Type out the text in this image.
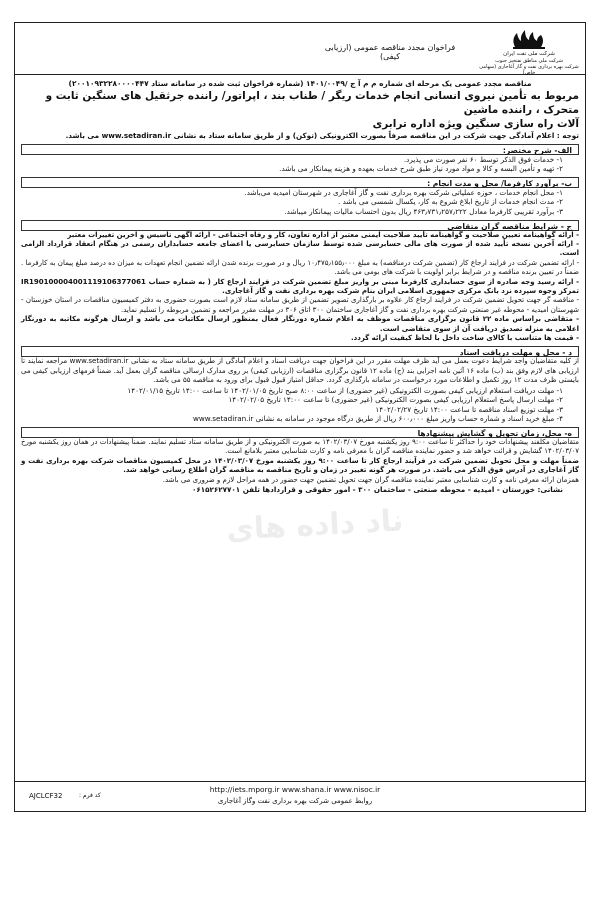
شرکت ملی نفت ایران
شرکت ملی مناطق نفتخیز جنوب
شرکت بهره برداری نفت و گاز آغاجاری (سهامی خاص)
فراخوان مجدد مناقصه عمومی (ارزیابی کیفی)
مناقصه مجدد عمومی یک مرحله ای شماره م م آ ج /۱۴۰۱/۰۰۴۹ (شماره فراخوان ثبت شده در سامانه ستاد ۲۰۰۱۰۹۳۲۲۸۰۰۰۰۴۴۷)
مربوط به تأمین نیروی انسانی انجام خدمات ریگر / طناب بند ، اپراتور/ راننده جرثقیل های سنگین ثابت و متحرک ، راننده ماشین
آلات راه سازی سنگین ویژه اداره ترابری
توجه : اعلام آمادگی جهت شرکت در این مناقصه صرفاً بصورت الکترونیکی (توکن) و از طریق سامانه ستاد به نشانی www.setadiran.ir می باشد.
الف- شرح مختصر:
۱- خدمات فوق الذکر توسط ۶۰ نفر صورت می پذیرد.
۲- تهیه و تأمین البسه و کالا و مواد مورد نیاز طبق شرح خدمات بعهده و هزینه پیمانکار می باشد.
ب- برآورد کارفرما/ محل و مدت انجام :
۱- محل انجام خدمات ، حوزه عملیاتی شرکت بهره برداری نفت و گاز آغاجاری در شهرستان امیدیه می‌باشد.
۲- مدت انجام خدمات از تاریخ ابلاغ شروع به کار، یکسال شمسی می باشد .
۳- برآورد تقریبی کارفرما معادل ۴۶۳٫۷۳۱٫۲۵۷٫۲۲۲ ریال بدون احتساب مالیات پیمانکار میباشد.
ج - شرایط مناقصه گران متقاضی
- ارائه گواهینامه تعیین صلاحیت و گواهینامه تأیید صلاحیت ایمنی معتبر از اداره تعاون، کار و رفاه اجتماعی - ارائه آگهی تاسیس و آخرین تغییرات معتبر
- ارائه آخرین نسخه تأیید شده از صورت های مالی حسابرسی شده توسط سازمان حسابرسی یا اعضای جامعه حسابداران رسمی در هنگام انعقاد قرارداد الزامی است.
- ارائه تضمین شرکت در فرایند ارجاع کار (تضمین شرکت درمناقصه) به مبلغ ۱۰٫۴۷۵٫۱۵۵٫۰۰۰ ریال و در صورت برنده شدن ارائه تضمین انجام تعهدات به میزان ده درصد مبلغ پیمان به کارفرما . ضمناً در تعیین برنده مناقصه و در شرایط برابر اولویت با شرکت های بومی می باشد.
- ارائه رسید وجه صادره از سوی حسابداری کارفرما مبنی بر واریز مبلغ تضمین شرکت در فرایند ارجاع کار ( به شماره حساب IR190100004001119106377061 تمرکز وجوه سپرده نزد بانک مرکزی جمهوری اسلامی ایران بنام شرکت بهره برداری نفت و گاز آغاجاری.
- مناقصه گر جهت تحویل تضمین شرکت در فرایند ارجاع کار علاوه بر بارگذاری تصویر تضمین از طریق سامانه ستاد لازم است بصورت حضوری به دفتر کمیسیون مناقصات در استان خوزستان - شهرستان امیدیه - محوطه غیر صنعتی شرکت بهره برداری نفت و گاز آغاجاری ساختمان ۳۰۰ اتاق ۳۰۶ در مهلت مقرر مراجعه و تضمین مربوطه را تسلیم نماید.
- متقاضی براساس ماده ۲۲ قانون برگزاری مناقصات موظف به اعلام شماره دورنگار فعال بمنظور ارسال مکاتبات می باشد و ارسال هرگونه مکاتبه به دورنگار اعلامی به منزله تصدیق دریافت آن از سوی متقاضی است.
- قیمت ها متناسب با کالای ساخت داخل با لحاظ کیفیت ارائه گردد.
د - محل و مهلت دریافت اسناد
از کلیه متقاضیان واجد شرایط دعوت بعمل می آید ظرف مهلت مقرر در این فراخوان جهت دریافت اسناد و اعلام آمادگی از طریق سامانه ستاد به نشانی www.setadiran.ir مراجعه نمایند تا ارزیابی های لازم وفق بند (ب) ماده ۱۶ آئین نامه اجرایی بند (ج) ماده ۱۲ قانون برگزاری مناقصات (ارزیابی کیفی) بر روی مدارک ارسالی مناقصه گران بعمل آید. ضمناً فرمهای ارزیابی کیفی می بایستی ظرف مدت ۱۲ روز تکمیل و اطلاعات مورد درخواست در سامانه بارگذاری گردد. حداقل امتیاز قبول قبول برای ورود به مناقصه ۵۵ می باشد.
۱- مهلت دریافت استعلام ارزیابی کیفی بصورت الکترونیکی (غیر حضوری) از ساعت ۸:۰۰ صبح تاریخ ۱۴۰۲/۰۱/۰۵ تا ساعت ۱۴:۰۰ تاریخ ۱۴۰۲/۰۱/۱۵
۲- مهلت ارسال پاسخ استعلام ارزیابی کیفی بصورت الکترونیکی (غیر حضوری) تا ساعت ۱۴:۰۰ تاریخ ۱۴۰۲/۰۲/۰۵
۳- مهلت توزیع اسناد مناقصه تا ساعت ۱۴:۰۰ تاریخ ۱۴۰۲/۰۲/۲۷
۴- مبلغ خرید اسناد و شماره حساب واریز مبلغ ۶۰۰٫۰۰۰ ریال از طریق درگاه موجود در سامانه به نشانی www.setadiran.ir
ه- محل، زمان تحویل و گشایش پیشنهادها
متقاضیان مکلفند پیشنهادات خود را حداکثر تا ساعت ۹:۰۰ روز یکشنبه مورخ ۱۴۰۲/۰۳/۰۷ به صورت الکترونیکی و از طریق سامانه ستاد تسلیم نمایند. ضمناً پیشنهادات در همان روز یکشنبه مورخ ۱۴۰۲/۰۳/۰۷ گشایش و قرائت خواهد شد و حضور نماینده مناقصه گران با معرفی نامه و کارت شناسایی معتبر بلامانع است.
ضمناً مهلت و محل تحویل تضمین شرکت در فرآیند ارجاع کار تا ساعت ۹:۰۰ روز یکشنبه مورخ ۱۴۰۲/۰۳/۰۷ در محل کمیسیون مناقصات شرکت بهره برداری نفت و گاز آغاجاری در آدرس فوق الذکر می باشد. در صورت هر گونه تغییر در زمان و تاریخ مناقصه به مناقصه گران اطلاع رسانی خواهد شد.
همزمان ارائه معرفی نامه و کارت شناسایی معتبر نماینده مناقصه گران جهت تحویل تضمین جهت حضور در همه مراحل لازم و ضروری می باشد.
نشانی: خوزستان - امیدیه - محوطه صنعتی - ساختمان ۳۰۰ - امور حقوقی و قراردادها تلفن ۰۶۱۵۲۶۲۷۷۰۱
ناد داده های
http://iets.mporg.ir www.shana.ir www.nisoc.ir
روابط عمومی شرکت بهره برداری نفت وگاز آغاجاری
AJCLCF32	کد فرم :
